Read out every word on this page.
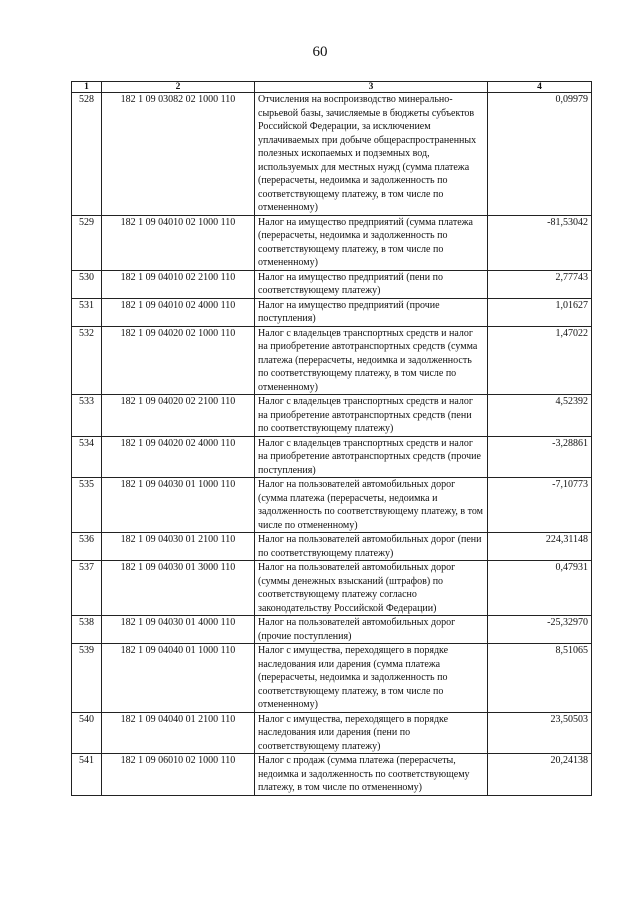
60
1	2	3	4
528	182 1 09 03082 02 1000 110	Отчисления на воспроизводство минерально-сырьевой базы, зачисляемые в бюджеты субъектов Российской Федерации, за исключением уплачиваемых при добыче общераспространенных полезных ископаемых и подземных вод, используемых для местных нужд (сумма платежа (перерасчеты, недоимка и задолженность по соответствующему платежу, в том числе по отмененному)	0,09979
529	182 1 09 04010 02 1000 110	Налог на имущество предприятий (сумма платежа (перерасчеты, недоимка и задолженность по соответствующему платежу, в том числе по отмененному)	-81,53042
530	182 1 09 04010 02 2100 110	Налог на имущество предприятий (пени по соответствующему платежу)	2,77743
531	182 1 09 04010 02 4000 110	Налог на имущество предприятий (прочие поступления)	1,01627
532	182 1 09 04020 02 1000 110	Налог с владельцев транспортных средств и налог на приобретение автотранспортных средств (сумма платежа (перерасчеты, недоимка и задолженность по соответствующему платежу, в том числе по отмененному)	1,47022
533	182 1 09 04020 02 2100 110	Налог с владельцев транспортных средств и налог на приобретение автотранспортных средств (пени по соответствующему платежу)	4,52392
534	182 1 09 04020 02 4000 110	Налог с владельцев транспортных средств и налог на приобретение автотранспортных средств (прочие поступления)	-3,28861
535	182 1 09 04030 01 1000 110	Налог на пользователей автомобильных дорог (сумма платежа (перерасчеты, недоимка и задолженность по соответствующему платежу, в том числе по отмененному)	-7,10773
536	182 1 09 04030 01 2100 110	Налог на пользователей автомобильных дорог (пени по соответствующему платежу)	224,31148
537	182 1 09 04030 01 3000 110	Налог на пользователей автомобильных дорог (суммы денежных взысканий (штрафов) по соответствующему платежу согласно законодательству Российской Федерации)	0,47931
538	182 1 09 04030 01 4000 110	Налог на пользователей автомобильных дорог (прочие поступления)	-25,32970
539	182 1 09 04040 01 1000 110	Налог с имущества, переходящего в порядке наследования или дарения (сумма платежа (перерасчеты, недоимка и задолженность по соответствующему платежу, в том числе по отмененному)	8,51065
540	182 1 09 04040 01 2100 110	Налог с имущества, переходящего в порядке наследования или дарения (пени по соответствующему платежу)	23,50503
541	182 1 09 06010 02 1000 110	Налог с продаж (сумма платежа (перерасчеты, недоимка и задолженность по соответствующему платежу, в том числе по отмененному)	20,24138
